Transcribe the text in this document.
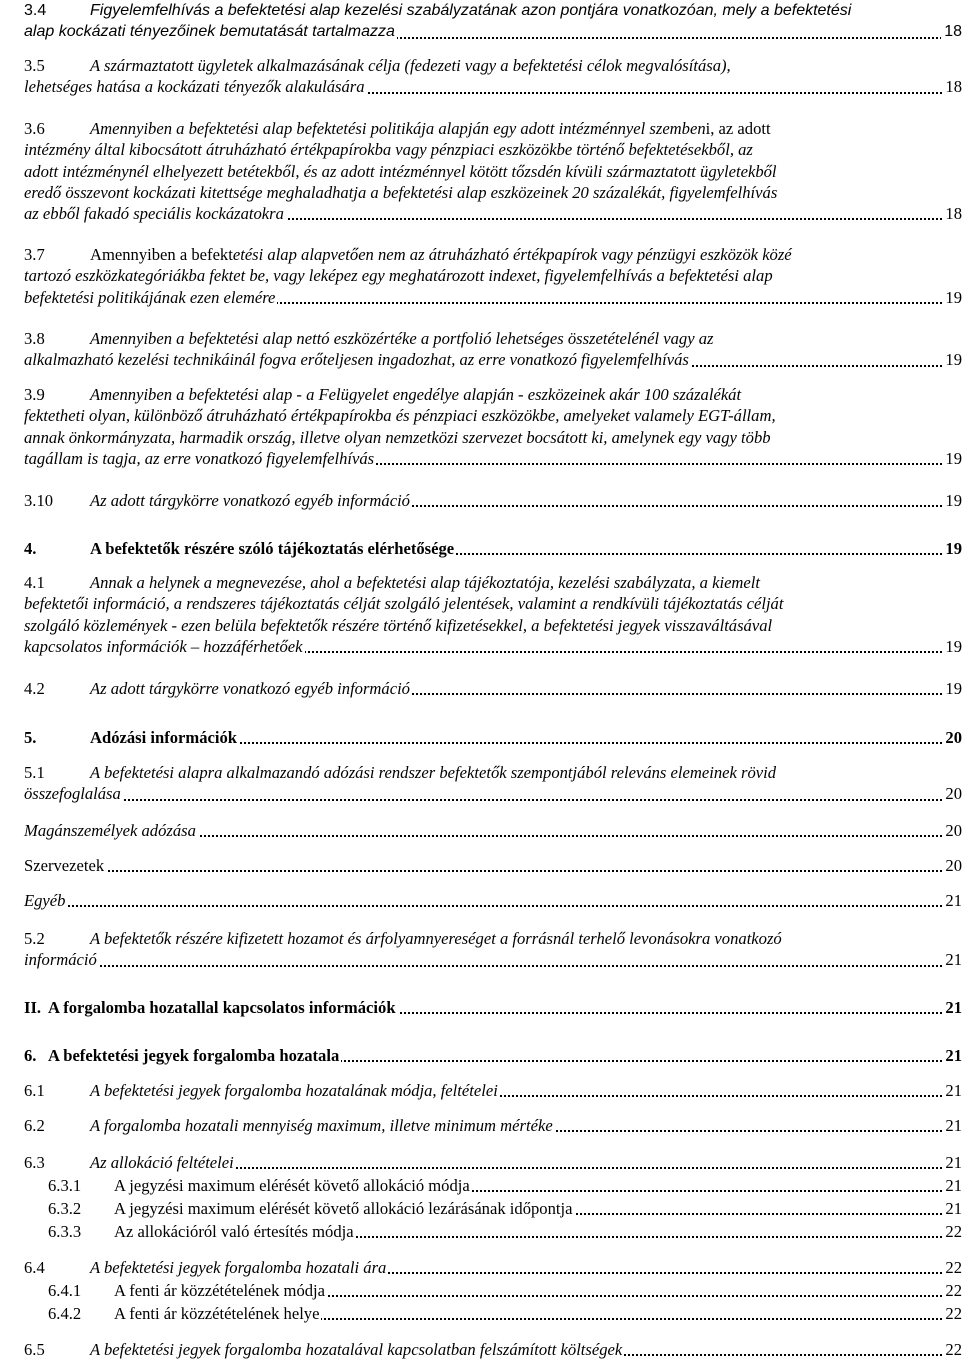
3.4	Figyelemfelhívás a befektetési alap kezelési szabályzatának azon pontjára vonatkozóan, mely a befektetési
alap kockázati tényezőinek bemutatását tartalmazza	18
3.5	A származtatott ügyletek alkalmazásának célja (fedezeti vagy a befektetési célok megvalósítása),
lehetséges hatása a kockázati tényezők alakulására	18
3.6	Amennyiben a befektetési alap befektetési politikája alapján egy adott intézménnyel szembeni, az adott
intézmény által kibocsátott átruházható értékpapírokba vagy pénzpiaci eszközökbe történő befektetésekből, az
adott intézménynél elhelyezett betétekből, és az adott intézménnyel kötött tőzsdén kívüli származtatott ügyletekből
eredő összevont kockázati kitettsége meghaladhatja a befektetési alap eszközeinek 20 százalékát, figyelemfelhívás
az ebből fakadó speciális kockázatokra	18
3.7	Amennyiben a befektetési alap alapvetően nem az átruházható értékpapírok vagy pénzügyi eszközök közé
tartozó eszközkategóriákba fektet be, vagy leképez egy meghatározott indexet, figyelemfelhívás a befektetési alap
befektetési politikájának ezen elemére	19
3.8	Amennyiben a befektetési alap nettó eszközértéke a portfolió lehetséges összetételénél vagy az
alkalmazható kezelési technikáinál fogva erőteljesen ingadozhat, az erre vonatkozó figyelemfelhívás	19
3.9	Amennyiben a befektetési alap - a Felügyelet engedélye alapján - eszközeinek akár 100 százalékát
fektetheti olyan, különböző átruházható értékpapírokba és pénzpiaci eszközökbe, amelyeket valamely EGT-állam,
annak önkormányzata, harmadik ország, illetve olyan nemzetközi szervezet bocsátott ki, amelynek egy vagy több
tagállam is tagja, az erre vonatkozó figyelemfelhívás	19
3.10 Az adott tárgykörre vonatkozó egyéb információ	19
4.	A befektetők részére szóló tájékoztatás elérhetősége	19
4.1	Annak a helynek a megnevezése, ahol a befektetési alap tájékoztatója, kezelési szabályzata, a kiemelt
befektetői információ, a rendszeres tájékoztatás célját szolgáló jelentések, valamint a rendkívüli tájékoztatás célját
szolgáló közlemények - ezen belüla befektetők részére történő kifizetésekkel, a befektetési jegyek visszaváltásával
kapcsolatos információk – hozzáférhetőek	19
4.2	Az adott tárgykörre vonatkozó egyéb információ	19
5.	Adózási információk	20
5.1	A befektetési alapra alkalmazandó adózási rendszer befektetők szempontjából releváns elemeinek rövid
összefoglalása	20
Magánszemélyek adózása	20
Szervezetek	20
Egyéb	21
5.2	A befektetők részére kifizetett hozamot és árfolyamnyereséget a forrásnál terhelő levonásokra vonatkozó
információ	21
II. A forgalomba hozatallal kapcsolatos információk	21
6. A befektetési jegyek forgalomba hozatala	21
6.1	A befektetési jegyek forgalomba hozatalának módja, feltételei	21
6.2	A forgalomba hozatali mennyiség maximum, illetve minimum mértéke	21
6.3	Az allokáció feltételei	21
6.3.1 A jegyzési maximum elérését követő allokáció módja	21
6.3.2 A jegyzési maximum elérését követő allokáció lezárásának időpontja	21
6.3.3 Az allokációról való értesítés módja	22
6.4	A befektetési jegyek forgalomba hozatali ára	22
6.4.1 A fenti ár közzétételének módja	22
6.4.2 A fenti ár közzétételének helye	22
6.5	A befektetési jegyek forgalomba hozatalával kapcsolatban felszámított költségek	22
